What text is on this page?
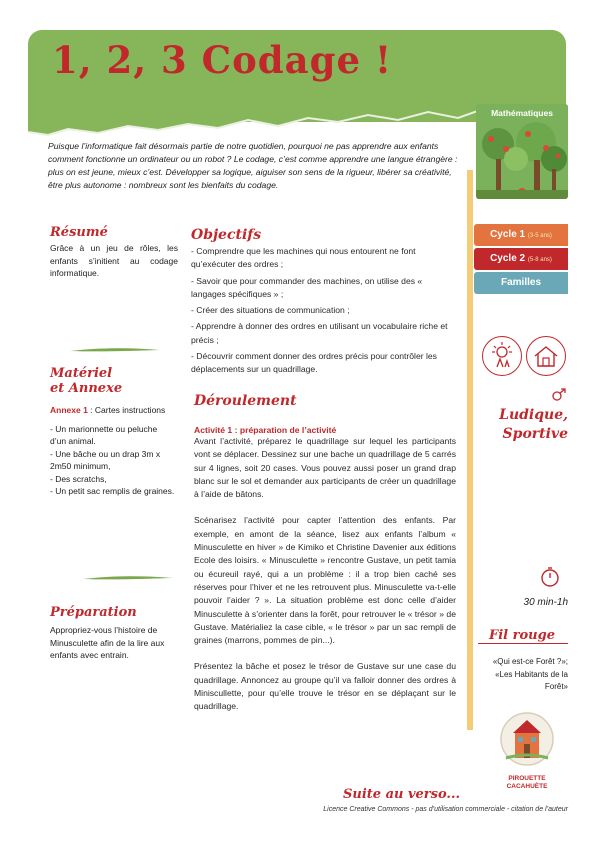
1, 2, 3 Codage !

Puisque l’informatique fait désormais partie de notre quotidien, pourquoi ne pas apprendre aux enfants comment fonctionne un ordinateur ou un robot ? Le codage, c’est comme apprendre une langue étrangère : plus on est jeune, mieux c’est. Développer sa logique, aiguiser son sens de la rigueur, libérer sa créativité, être plus autonome : nombreux sont les bienfaits du codage.

Résumé

Grâce à un jeu de rôles, les enfants s’initient au codage informatique.

Matériel
et Annexe

Annexe 1 : Cartes instructions

- Un marionnette ou peluche d’un animal.

- Une bâche ou un drap 3m x 2m50 minimum,

- Des scratchs,

- Un petit sac remplis de graines.

Préparation

Appropriez-vous l’histoire de Minusculette afin de la lire aux enfants avec entrain.

Objectifs
- Comprendre que les machines qui nous entourent ne font qu’exécuter des ordres ;
- Savoir que pour commander des machines, on utilise des « langages spécifiques » ;
- Créer des situations de communication ;
- Apprendre à donner des ordres en utilisant un vocabulaire riche et précis ;
- Découvrir comment donner des ordres précis pour contrôler les déplacements sur un quadrillage.
Déroulement

Activité 1 : préparation de l’activité

Avant l’activité, préparez le quadrillage sur lequel les participants vont se déplacer. Dessinez sur une bache un quadrillage de 5 carrés sur 4 lignes, soit 20 cases. Vous pouvez aussi poser un grand drap blanc sur le sol et demander aux participants de créer un quadrillage à l’aide de bâtons.

Scénarisez l’activité pour capter l’attention des enfants. Par exemple, en amont de la séance, lisez aux enfants l’album « Minusculette en hiver » de Kimiko et Christine Davenier aux éditions Ecole des loisirs. « Minusculette » rencontre Gustave, un petit tamia ou écureuil rayé, qui a un problème : il a trop bien caché ses réserves pour l’hiver et ne les retrouvent plus. Minusculette va-t-elle pouvoir l’aider ? ». La situation problème est donc celle d’aider Minusculette à s’orienter dans la forêt, pour retrouver le « trésor » de Gustave. Matérialiez la case cible, « le trésor » par un sac rempli de graines (marrons, pommes de pin...).

Présentez la bâche et posez le trésor de Gustave sur une case du quadrillage. Annoncez au groupe qu’il va falloir donner des ordres à Miniscullette, pour qu’elle trouve le trésor en se déplaçant sur le quadrillage.

Suite au verso...
Licence Creative Commons - pas d’utilisation commerciale - citation de l’auteur
Mathématiques
Cycle 1 (3-5 ans)
Cycle 2 (5-8 ans)
Familles
Ludique,
Sportive
30 min-1h
Fil rouge
«Qui est-ce Forêt ?»;
«Les Habitants de la Forêt»
PIROUETTE
CACAHUÈTE
